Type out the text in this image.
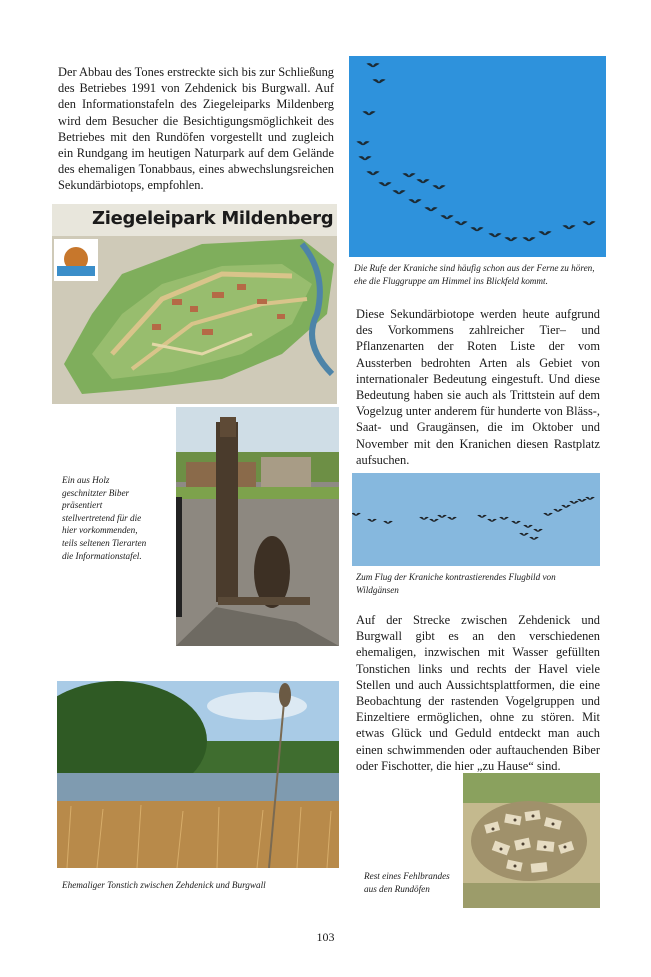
Der Abbau des Tones erstreckte sich bis zur Schließung des Betriebes 1991 von Zehdenick bis Burgwall. Auf den Informationstafeln des Ziegeleiparks Mildenberg wird dem Besucher die Besichtigungsmöglichkeit des Betriebes mit den Rundöfen vorgestellt und zugleich ein Rundgang im heutigen Naturpark auf dem Gelände des ehemaligen Tonabbaus, eines abwechslungsreichen Sekundärbiotops, empfohlen.
Die Rufe der Kraniche sind häufig schon aus der Ferne zu hören, ehe die Fluggruppe am Himmel ins Blickfeld kommt.
Ziegeleipark Mildenberg
Diese Sekundärbiotope werden heute aufgrund des Vorkommens zahlreicher Tier– und Pflanzenarten der Roten Liste der vom Aussterben bedrohten Arten als Gebiet von internationaler Bedeutung eingestuft. Und diese Bedeutung haben sie auch als Trittstein auf dem Vogelzug unter anderem für hunderte von Bläss-, Saat- und Graugänsen, die im Oktober und November mit den Kranichen diesen Rastplatz aufsuchen.
Ein aus Holz geschnitzter Biber präsentiert stellvertretend für die hier vorkommenden, teils seltenen Tierarten die Informationstafel.
Zum Flug der Kraniche kontrastierendes Flugbild von Wildgänsen
Auf der Strecke zwischen Zehdenick und Burgwall gibt es an den verschiedenen ehemaligen, inzwischen mit Wasser gefüllten Tonstichen links und rechts der Havel viele Stellen und auch Aussichtsplattformen, die eine Beobachtung der rastenden Vogelgruppen und Einzeltiere ermöglichen, ohne zu stören. Mit etwas Glück und Geduld entdeckt man auch einen schwimmenden oder auftauchenden Biber oder Fischotter, die hier „zu Hause“ sind.
Ehemaliger Tonstich zwischen Zehdenick und Burgwall
Rest eines Fehlbrandes aus den Rundöfen
103
